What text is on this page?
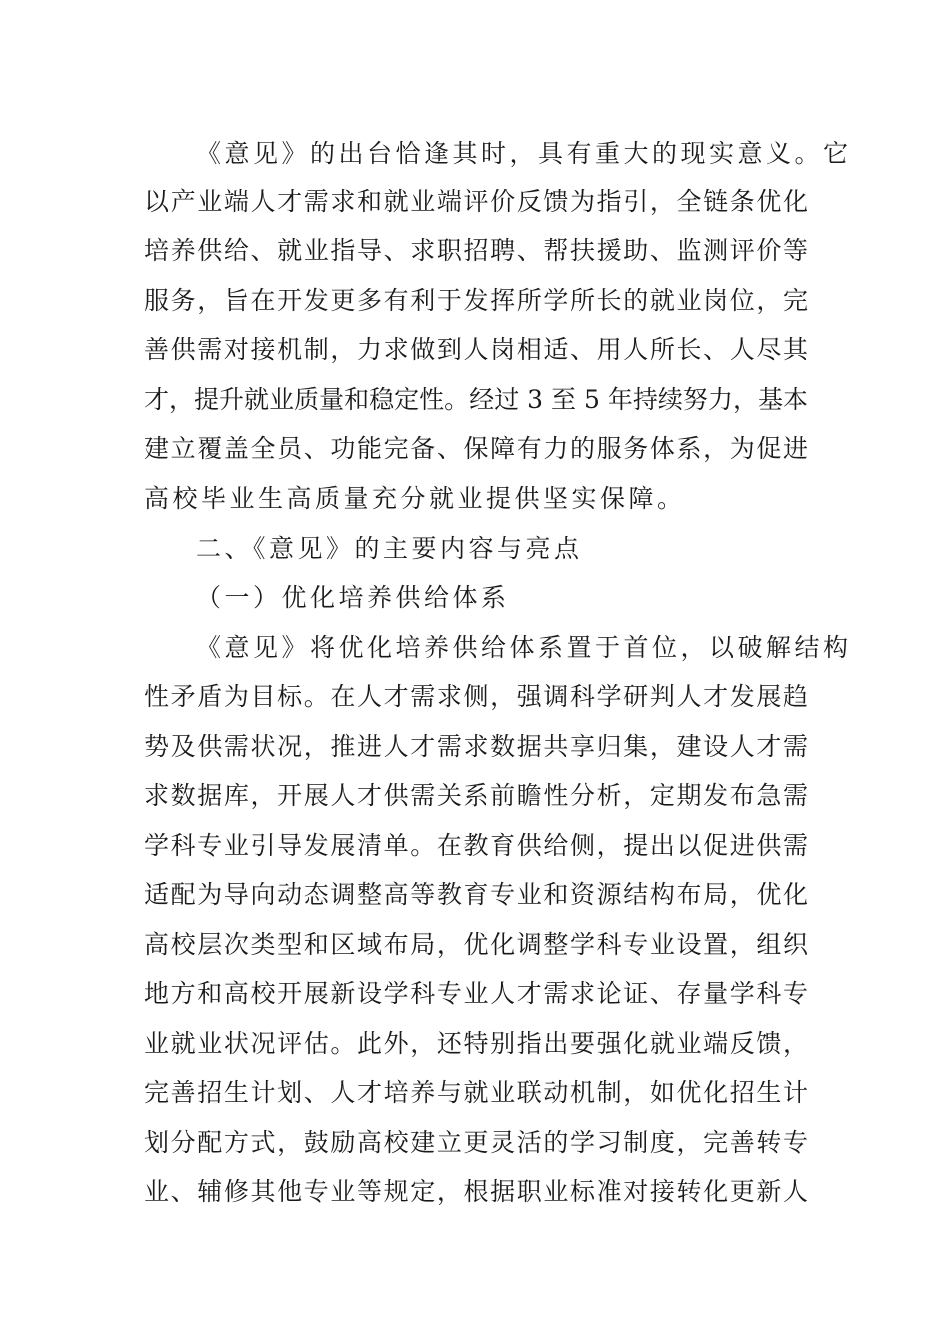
《意见》的出台恰逢其时，具有重大的现实意义。它
以产业端人才需求和就业端评价反馈为指引，全链条优化
培养供给、就业指导、求职招聘、帮扶援助、监测评价等
服务，旨在开发更多有利于发挥所学所长的就业岗位，完
善供需对接机制，力求做到人岗相适、用人所长、人尽其
才，提升就业质量和稳定性。经过 3 至 5 年持续努力，基本
建立覆盖全员、功能完备、保障有力的服务体系，为促进
高校毕业生高质量充分就业提供坚实保障。
二、《意见》的主要内容与亮点
（一）优化培养供给体系
《意见》将优化培养供给体系置于首位，以破解结构
性矛盾为目标。在人才需求侧，强调科学研判人才发展趋
势及供需状况，推进人才需求数据共享归集，建设人才需
求数据库，开展人才供需关系前瞻性分析，定期发布急需
学科专业引导发展清单。在教育供给侧，提出以促进供需
适配为导向动态调整高等教育专业和资源结构布局，优化
高校层次类型和区域布局，优化调整学科专业设置，组织
地方和高校开展新设学科专业人才需求论证、存量学科专
业就业状况评估。此外，还特别指出要强化就业端反馈，
完善招生计划、人才培养与就业联动机制，如优化招生计
划分配方式，鼓励高校建立更灵活的学习制度，完善转专
业、辅修其他专业等规定，根据职业标准对接转化更新人
